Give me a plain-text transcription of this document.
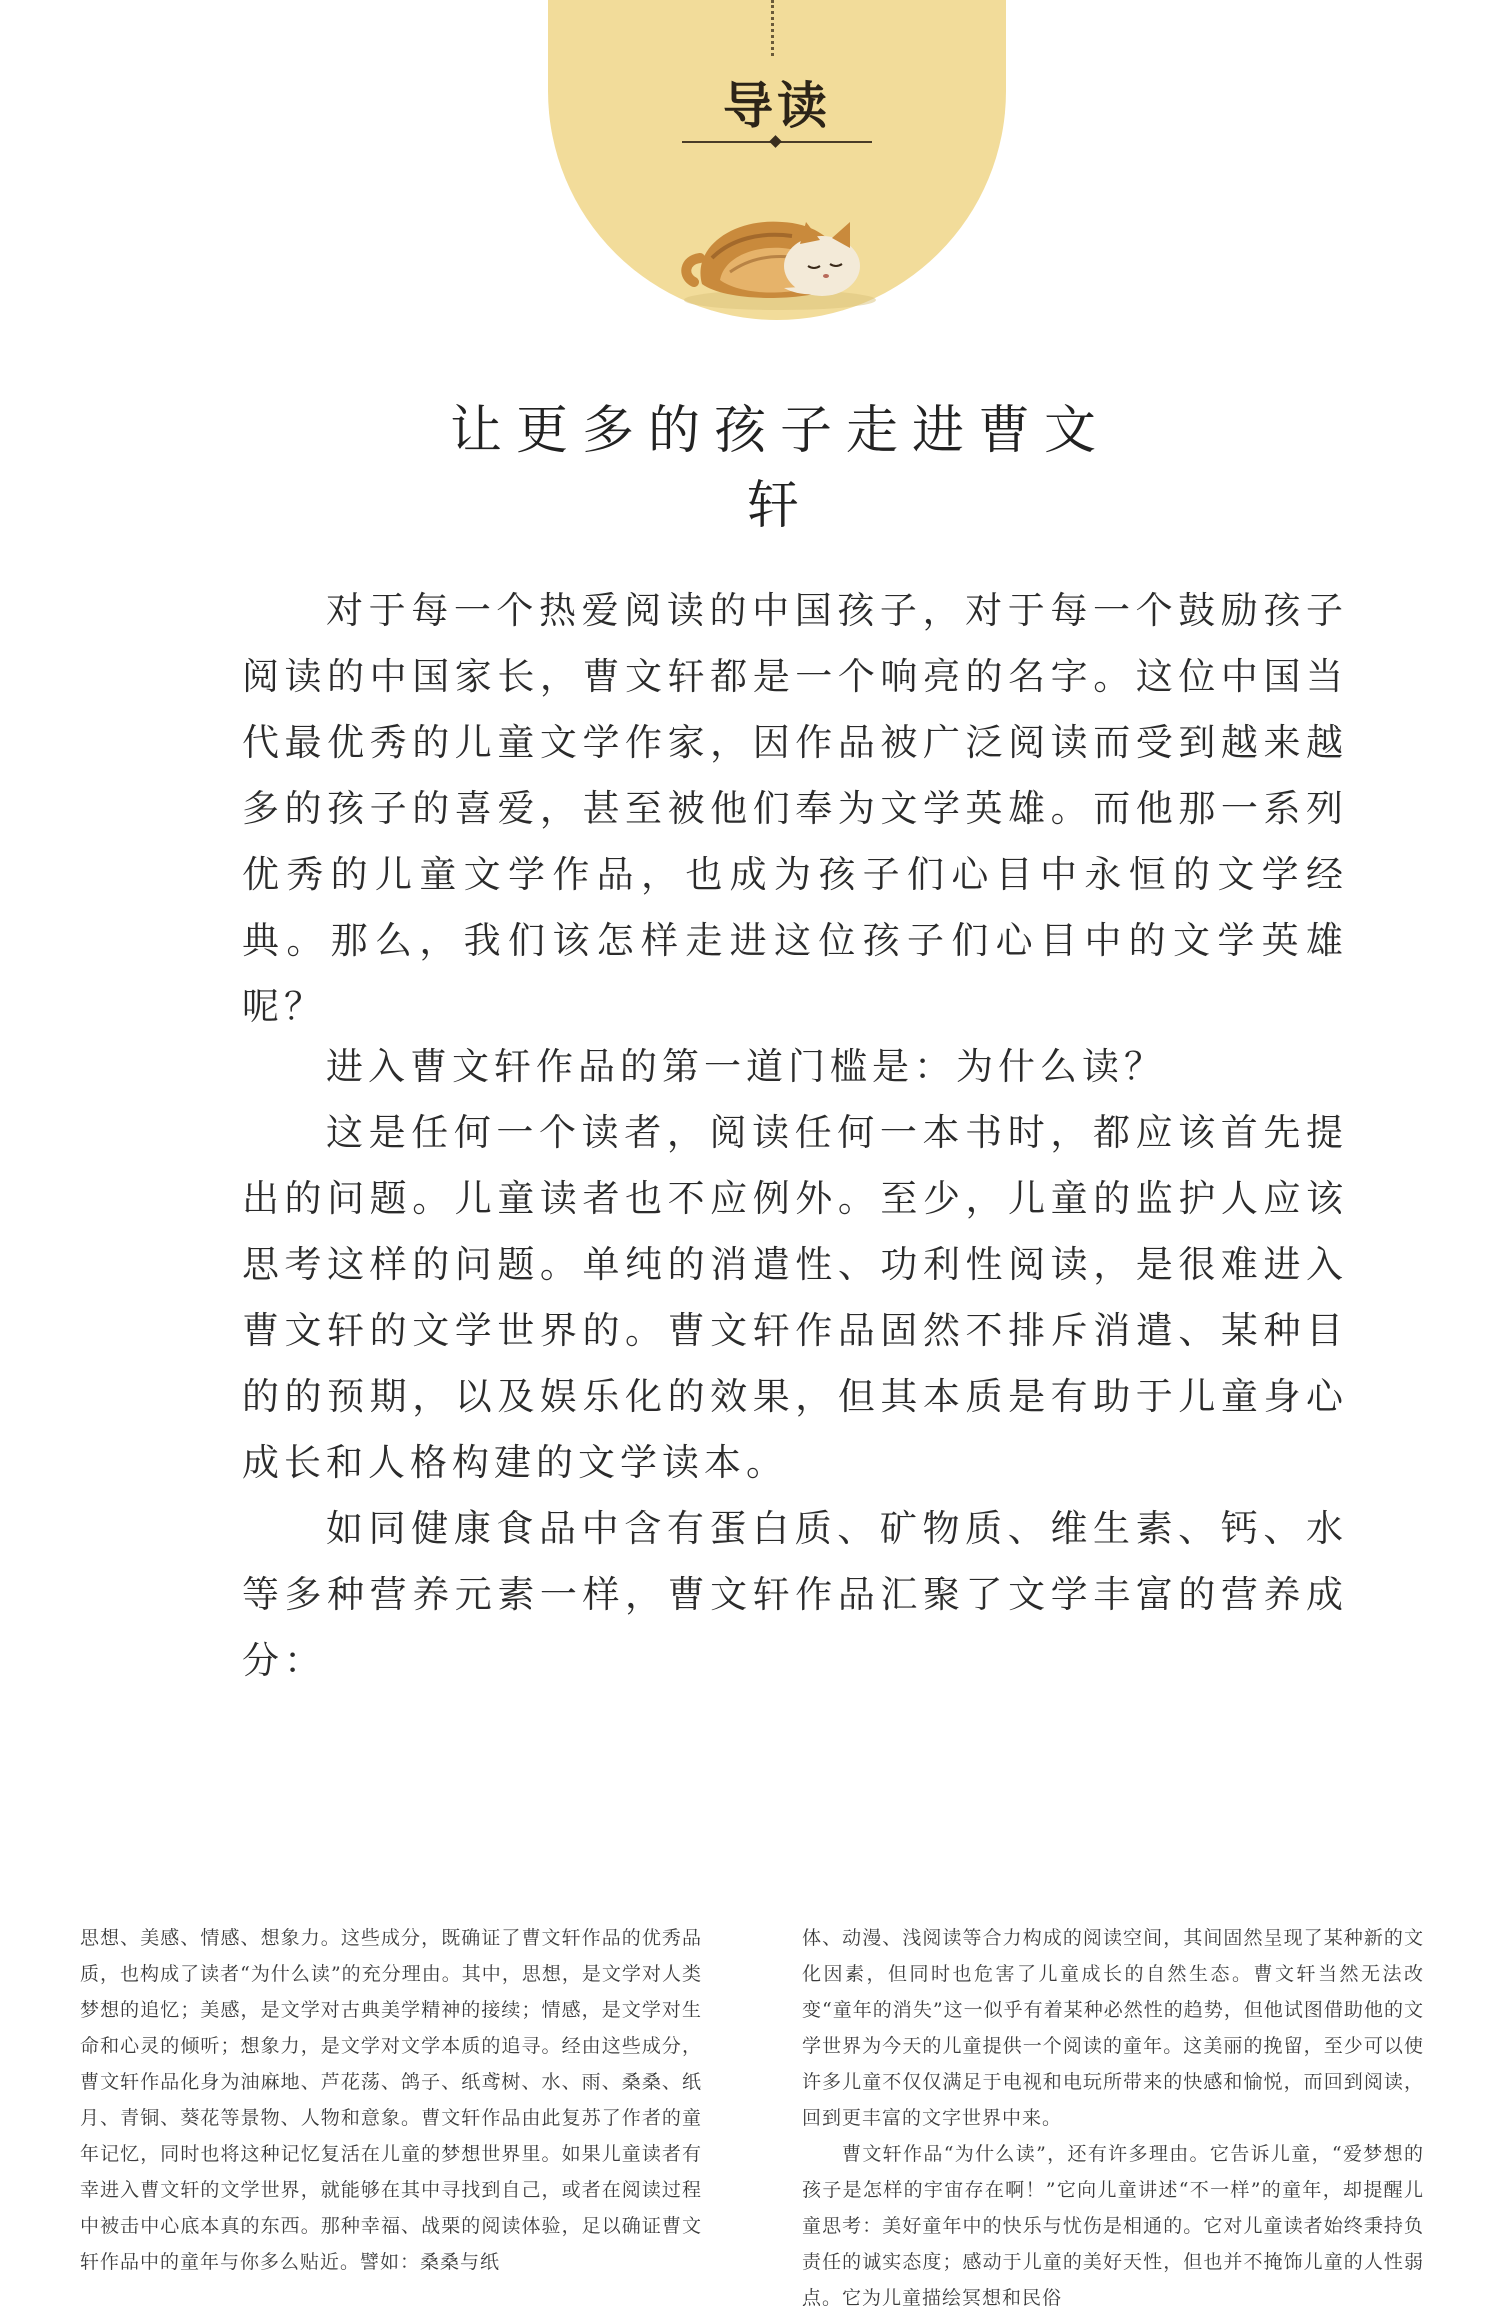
导读
让更多的孩子走进曹文轩

对于每一个热爱阅读的中国孩子，对于每一个鼓励孩子阅读的中国家长，曹文轩都是一个响亮的名字。这位中国当代最优秀的儿童文学作家，因作品被广泛阅读而受到越来越多的孩子的喜爱，甚至被他们奉为文学英雄。而他那一系列优秀的儿童文学作品，也成为孩子们心目中永恒的文学经典。那么，我们该怎样走进这位孩子们心目中的文学英雄呢？

进入曹文轩作品的第一道门槛是：为什么读？

这是任何一个读者，阅读任何一本书时，都应该首先提出的问题。儿童读者也不应例外。至少，儿童的监护人应该思考这样的问题。单纯的消遣性、功利性阅读，是很难进入曹文轩的文学世界的。曹文轩作品固然不排斥消遣、某种目的的预期，以及娱乐化的效果，但其本质是有助于儿童身心成长和人格构建的文学读本。

如同健康食品中含有蛋白质、矿物质、维生素、钙、水等多种营养元素一样，曹文轩作品汇聚了文学丰富的营养成分：

思想、美感、情感、想象力。这些成分，既确证了曹文轩作品的优秀品质，也构成了读者“为什么读”的充分理由。其中，思想，是文学对人类梦想的追忆；美感，是文学对古典美学精神的接续；情感，是文学对生命和心灵的倾听；想象力，是文学对文学本质的追寻。经由这些成分，曹文轩作品化身为油麻地、芦花荡、鸽子、纸鸢树、水、雨、桑桑、纸月、青铜、葵花等景物、人物和意象。曹文轩作品由此复苏了作者的童年记忆，同时也将这种记忆复活在儿童的梦想世界里。如果儿童读者有幸进入曹文轩的文学世界，就能够在其中寻找到自己，或者在阅读过程中被击中心底本真的东西。那种幸福、战栗的阅读体验，足以确证曹文轩作品中的童年与你多么贴近。譬如：桑桑与纸

体、动漫、浅阅读等合力构成的阅读空间，其间固然呈现了某种新的文化因素，但同时也危害了儿童成长的自然生态。曹文轩当然无法改变“童年的消失”这一似乎有着某种必然性的趋势，但他试图借助他的文学世界为今天的儿童提供一个阅读的童年。这美丽的挽留，至少可以使许多儿童不仅仅满足于电视和电玩所带来的快感和愉悦，而回到阅读，回到更丰富的文字世界中来。

曹文轩作品“为什么读”，还有许多理由。它告诉儿童，“爱梦想的孩子是怎样的宇宙存在啊！”它向儿童讲述“不一样”的童年，却提醒儿童思考：美好童年中的快乐与忧伤是相通的。它对儿童读者始终秉持负责任的诚实态度；感动于儿童的美好天性，但也并不掩饰儿童的人性弱点。它为儿童描绘冥想和民俗
